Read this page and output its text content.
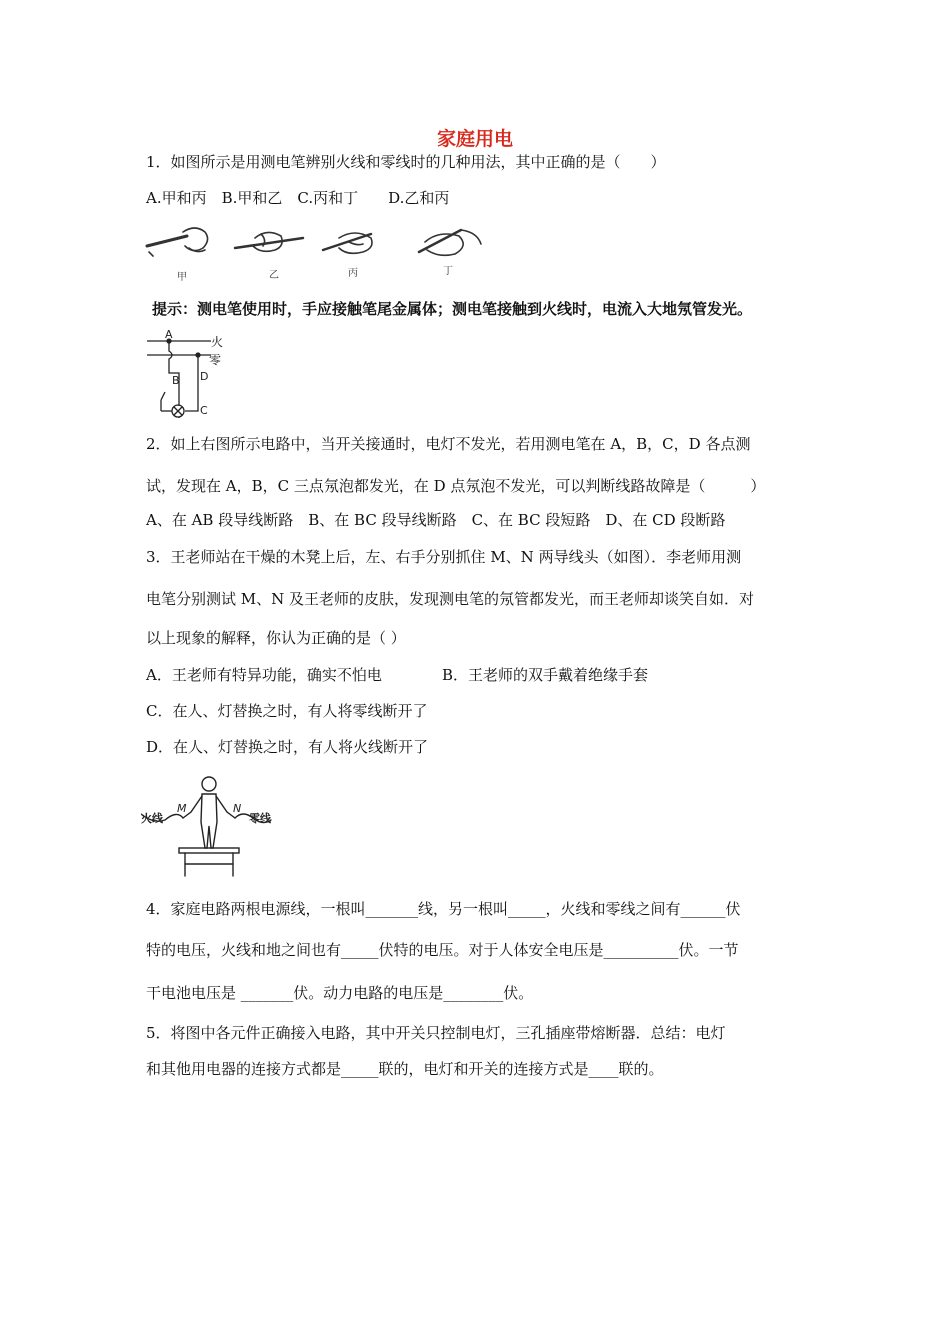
家庭用电
1．如图所示是用测电笔辨别火线和零线时的几种用法，其中正确的是（　　）
A.甲和丙　B.甲和乙　C.丙和丁　　D.乙和丙
甲	乙	丙	丁
提示：测电笔使用时，手应接触笔尾金属体；测电笔接触到火线时，电流入大地氖管发光。
A
B D
C
火
零
2．如上右图所示电路中，当开关接通时，电灯不发光，若用测电笔在 A，B，C，D 各点测
试，发现在 A，B，C 三点氖泡都发光，在 D 点氖泡不发光，可以判断线路故障是（　　　）
A、在 AB 段导线断路　B、在 BC 段导线断路　C、在 BC 段短路　D、在 CD 段断路
3．王老师站在干燥的木凳上后，左、右手分别抓住 M、N 两导线头（如图）．李老师用测
电笔分别测试 M、N 及王老师的皮肤，发现测电笔的氖管都发光，而王老师却谈笑自如．对
以上现象的解释，你认为正确的是（ ）
A．王老师有特异功能，确实不怕电	B．王老师的双手戴着绝缘手套
C．在人、灯替换之时，有人将零线断开了
D．在人、灯替换之时，有人将火线断开了
火线	零线
M	N
4．家庭电路两根电源线，一根叫_______线，另一根叫_____，火线和零线之间有______伏
特的电压，火线和地之间也有_____伏特的电压。对于人体安全电压是__________伏。一节
干电池电压是 _______伏。动力电路的电压是________伏。
5．将图中各元件正确接入电路，其中开关只控制电灯，三孔插座带熔断器．总结：电灯
和其他用电器的连接方式都是_____联的，电灯和开关的连接方式是____联的。
